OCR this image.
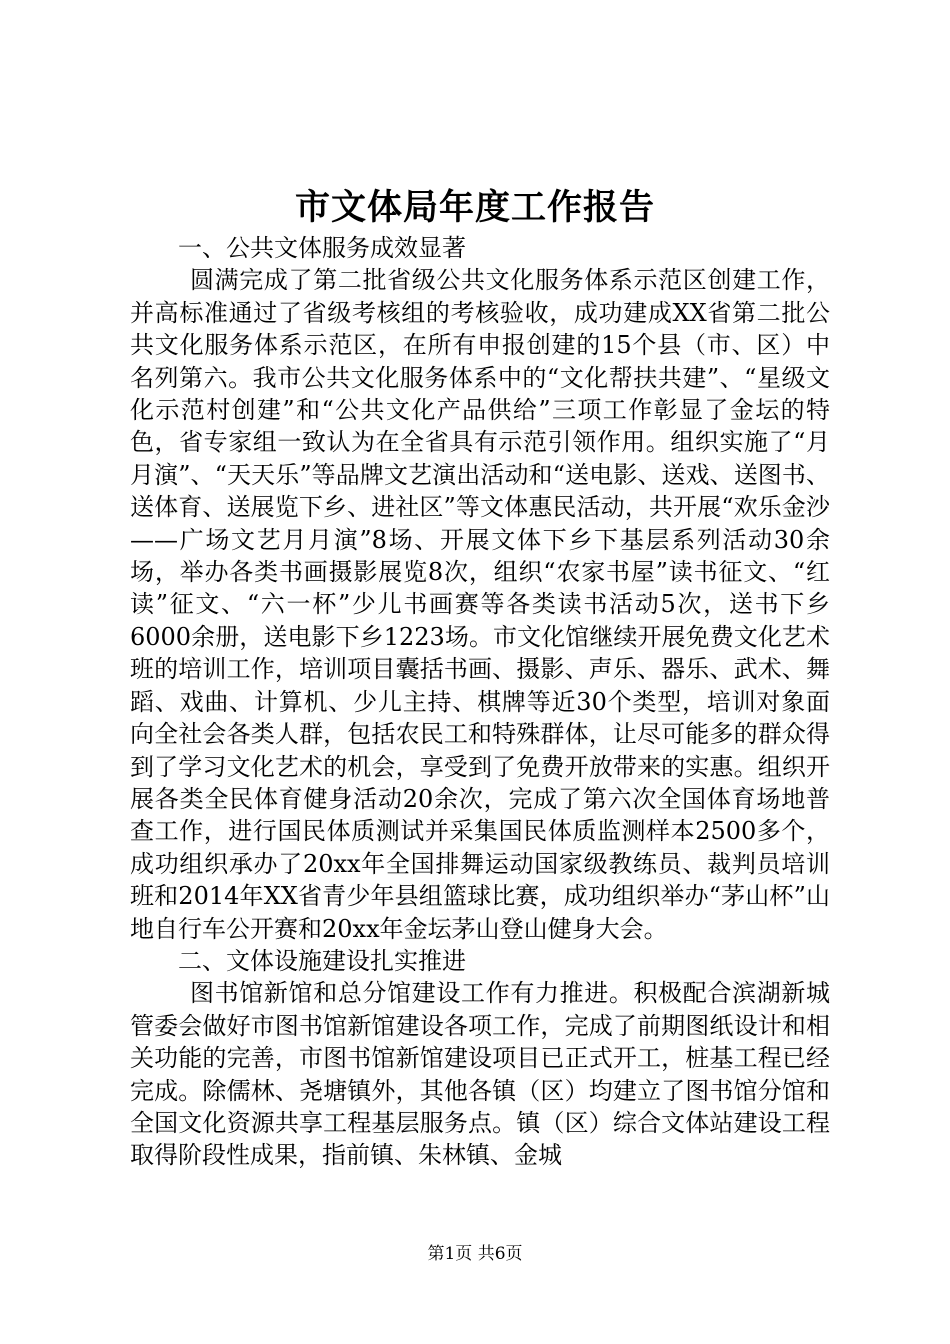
市文体局年度工作报告

一、公共文体服务成效显著

圆满完成了第二批省级公共文化服务体系示范区创建工作，并高标准通过了省级考核组的考核验收，成功建成XX省第二批公共文化服务体系示范区，在所有申报创建的15个县（市、区）中名列第六。我市公共文化服务体系中的“文化帮扶共建”、“星级文化示范村创建”和“公共文化产品供给”三项工作彰显了金坛的特色，省专家组一致认为在全省具有示范引领作用。组织实施了“月月演”、“天天乐”等品牌文艺演出活动和“送电影、送戏、送图书、送体育、送展览下乡、进社区”等文体惠民活动，共开展“欢乐金沙——广场文艺月月演”8场、开展文体下乡下基层系列活动30余场，举办各类书画摄影展览8次，组织“农家书屋”读书征文、“红读”征文、“六一杯”少儿书画赛等各类读书活动5次，送书下乡6000余册，送电影下乡1223场。市文化馆继续开展免费文化艺术班的培训工作，培训项目囊括书画、摄影、声乐、器乐、武术、舞蹈、戏曲、计算机、少儿主持、棋牌等近30个类型，培训对象面向全社会各类人群，包括农民工和特殊群体，让尽可能多的群众得到了学习文化艺术的机会，享受到了免费开放带来的实惠。组织开展各类全民体育健身活动20余次，完成了第六次全国体育场地普查工作，进行国民体质测试并采集国民体质监测样本2500多个，成功组织承办了20xx年全国排舞运动国家级教练员、裁判员培训班和2014年XX省青少年县组篮球比赛，成功组织举办“茅山杯”山地自行车公开赛和20xx年金坛茅山登山健身大会。

二、文体设施建设扎实推进

图书馆新馆和总分馆建设工作有力推进。积极配合滨湖新城管委会做好市图书馆新馆建设各项工作，完成了前期图纸设计和相关功能的完善，市图书馆新馆建设项目已正式开工，桩基工程已经完成。除儒林、尧塘镇外，其他各镇（区）均建立了图书馆分馆和全国文化资源共享工程基层服务点。镇（区）综合文体站建设工程取得阶段性成果，指前镇、朱林镇、金城

第1页 共6页
